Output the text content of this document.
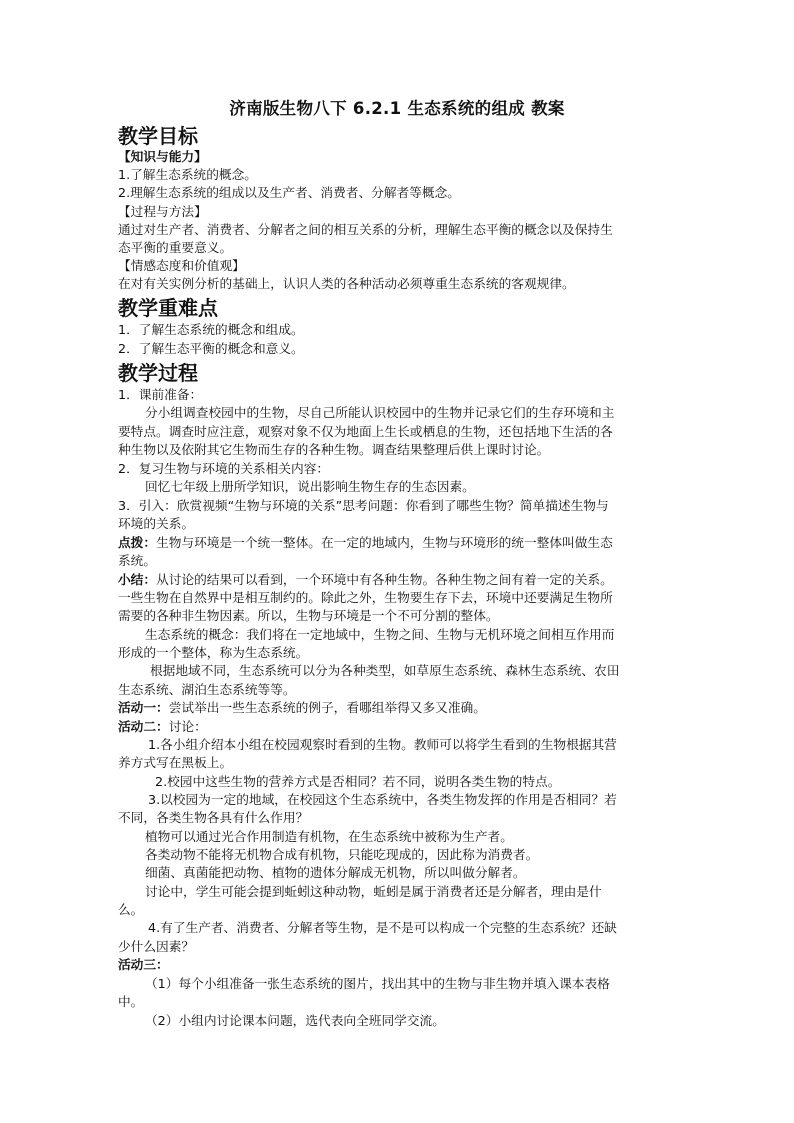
济南版生物八下 6.2.1 生态系统的组成 教案
教学目标
【知识与能力】
1.了解生态系统的概念。
2.理解生态系统的组成以及生产者、消费者、分解者等概念。
【过程与方法】
通过对生产者、消费者、分解者之间的相互关系的分析，理解生态平衡的概念以及保持生
态平衡的重要意义。
【情感态度和价值观】
在对有关实例分析的基础上，认识人类的各种活动必须尊重生态系统的客观规律。
教学重难点
1．了解生态系统的概念和组成。
2．了解生态平衡的概念和意义。
教学过程
1．课前准备：
分小组调查校园中的生物，尽自己所能认识校园中的生物并记录它们的生存环境和主
要特点。调查时应注意，观察对象不仅为地面上生长或栖息的生物，还包括地下生活的各
种生物以及依附其它生物而生存的各种生物。调查结果整理后供上课时讨论。
2．复习生物与环境的关系相关内容：
回忆七年级上册所学知识，说出影响生物生存的生态因素。
3．引入：欣赏视频“生物与环境的关系”思考问题：你看到了哪些生物？简单描述生物与
环境的关系。
点拨：生物与环境是一个统一整体。在一定的地域内，生物与环境形的统一整体叫做生态
系统。
小结：从讨论的结果可以看到，一个环境中有各种生物。各种生物之间有着一定的关系。
一些生物在自然界中是相互制约的。除此之外，生物要生存下去，环境中还要满足生物所
需要的各种非生物因素。所以，生物与环境是一个不可分割的整体。
生态系统的概念：我们将在一定地域中，生物之间、生物与无机环境之间相互作用而
形成的一个整体，称为生态系统。
根据地域不同，生态系统可以分为各种类型，如草原生态系统、森林生态系统、农田
生态系统、湖泊生态系统等等。
活动一：尝试举出一些生态系统的例子，看哪组举得又多又准确。
活动二：讨论：
1.各小组介绍本小组在校园观察时看到的生物。教师可以将学生看到的生物根据其营
养方式写在黑板上。
2.校园中这些生物的营养方式是否相同？若不同，说明各类生物的特点。
3.以校园为一定的地域，在校园这个生态系统中，各类生物发挥的作用是否相同？若
不同，各类生物各具有什么作用？
植物可以通过光合作用制造有机物，在生态系统中被称为生产者。
各类动物不能将无机物合成有机物，只能吃现成的，因此称为消费者。
细菌、真菌能把动物、植物的遗体分解成无机物，所以叫做分解者。
讨论中，学生可能会提到蚯蚓这种动物，蚯蚓是属于消费者还是分解者，理由是什
么。
4.有了生产者、消费者、分解者等生物，是不是可以构成一个完整的生态系统？还缺
少什么因素？
活动三：
（1）每个小组准备一张生态系统的图片，找出其中的生物与非生物并填入课本表格
中。
（2）小组内讨论课本问题，选代表向全班同学交流。
